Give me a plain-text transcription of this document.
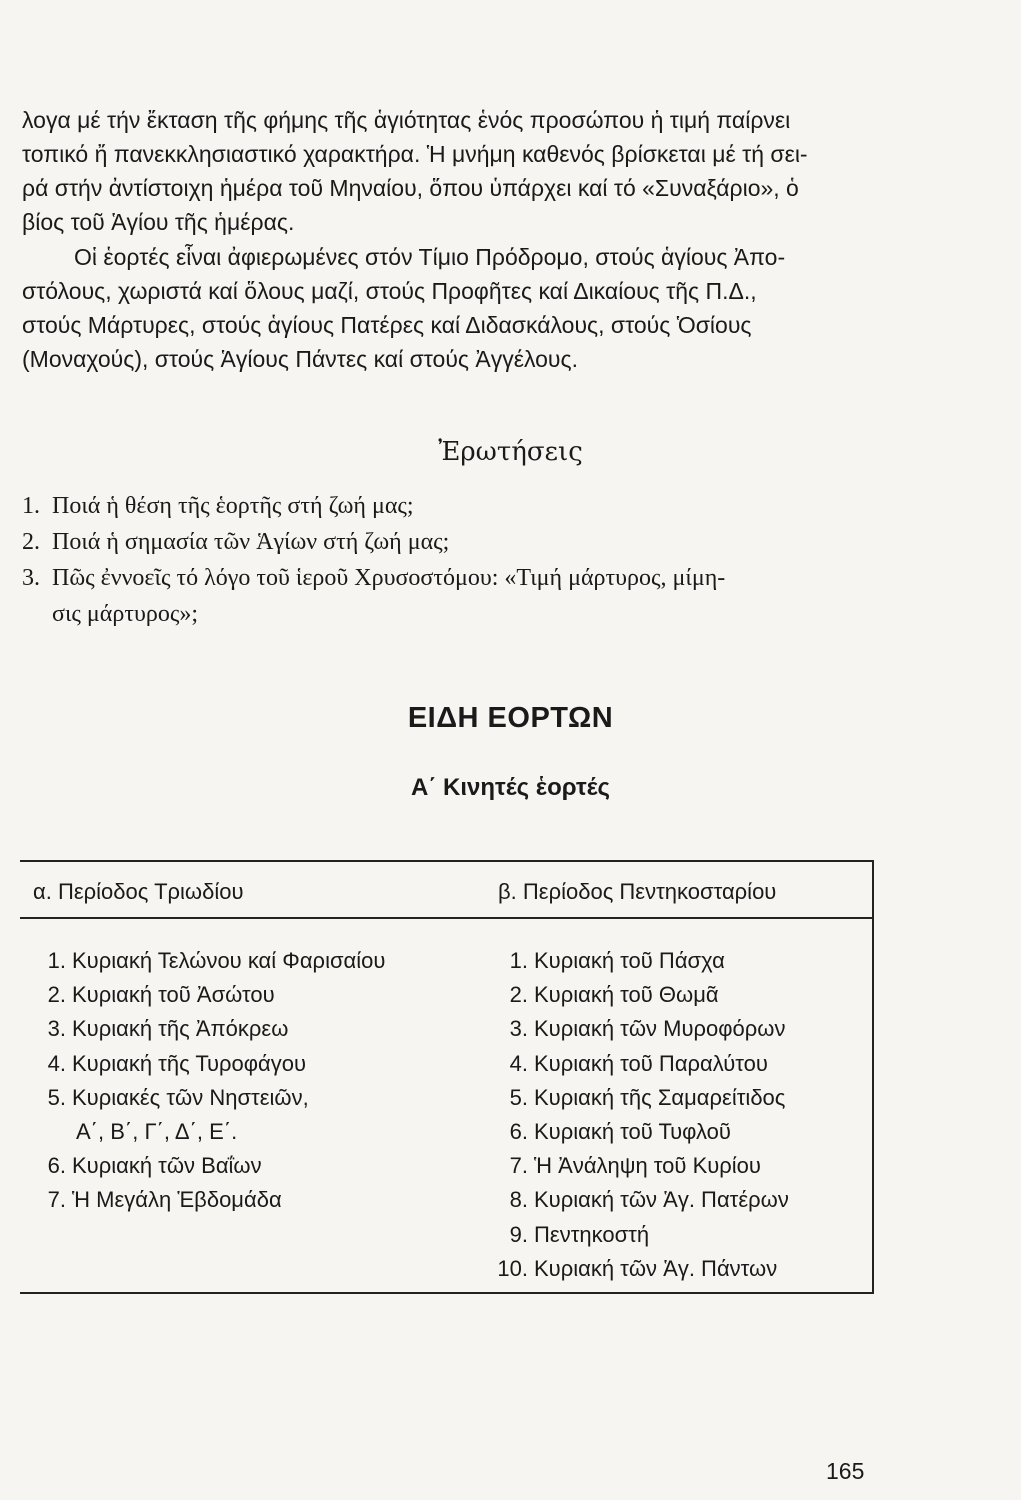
λογα μέ τήν ἔκταση τῆς φήμης τῆς ἁγιότητας ἑνός προσώπου ἡ τιμή παίρνει
τοπικό ἤ πανεκκλησιαστικό χαρακτήρα. Ἡ μνήμη καθενός βρίσκεται μέ τή σει-
ρά στήν ἀντίστοιχη ἡμέρα τοῦ Μηναίου, ὅπου ὑπάρχει καί τό «Συναξάριο», ὁ
βίος τοῦ Ἁγίου τῆς ἡμέρας.

Οἱ ἑορτές εἶναι ἀφιερωμένες στόν Τίμιο Πρόδρομο, στούς ἁγίους Ἀπο-
στόλους, χωριστά καί ὅλους μαζί, στούς Προφῆτες καί Δικαίους τῆς Π.Δ.,
στούς Μάρτυρες, στούς ἁγίους Πατέρες καί Διδασκάλους, στούς Ὁσίους
(Μοναχούς), στούς Ἁγίους Πάντες καί στούς Ἀγγέλους.

Ἐρωτήσεις
1. Ποιά ἡ θέση τῆς ἑορτῆς στή ζωή μας;
2. Ποιά ἡ σημασία τῶν Ἁγίων στή ζωή μας;
3. Πῶς ἐννοεῖς τό λόγο τοῦ ἱεροῦ Χρυσοστόμου: «Τιμή μάρτυρος, μίμη-
σις μάρτυρος»;
ΕΙΔΗ ΕΟΡΤΩΝ
Α΄ Κινητές ἑορτές
α. Περίοδος Τριωδίου	β. Περίοδος Πεντηκοσταρίου
1. Κυριακή Τελώνου καί Φαρισαίου
2. Κυριακή τοῦ Ἀσώτου
3. Κυριακή τῆς Ἀπόκρεω
4. Κυριακή τῆς Τυροφάγου
5. Κυριακές τῶν Νηστειῶν,
Α΄, Β΄, Γ΄, Δ΄, Ε΄.
6. Κυριακή τῶν Βαΐων
7. Ἡ Μεγάλη Ἑβδομάδα
1. Κυριακή τοῦ Πάσχα
2. Κυριακή τοῦ Θωμᾶ
3. Κυριακή τῶν Μυροφόρων
4. Κυριακή τοῦ Παραλύτου
5. Κυριακή τῆς Σαμαρείτιδος
6. Κυριακή τοῦ Τυφλοῦ
7. Ἡ Ἀνάληψη τοῦ Κυρίου
8. Κυριακή τῶν Ἁγ. Πατέρων
9. Πεντηκοστή
10. Κυριακή τῶν Ἁγ. Πάντων
165
